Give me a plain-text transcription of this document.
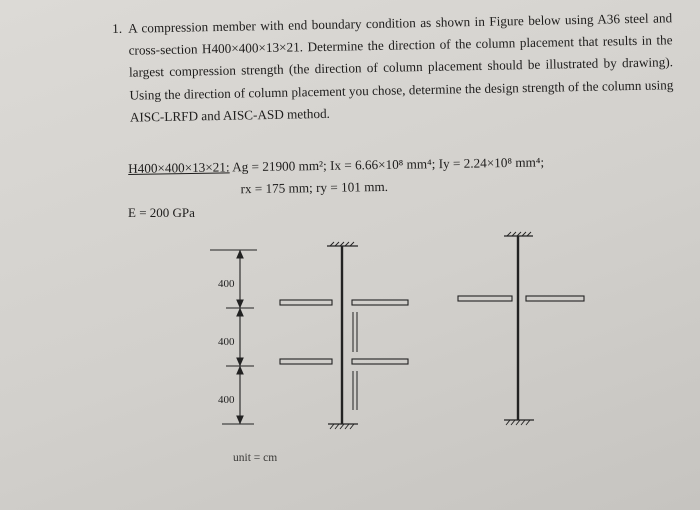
1. A compression member with end boundary condition as shown in Figure below using A36 steel and cross-section H400×400×13×21. Determine the direction of the column placement that results in the largest compression strength (the direction of column placement should be illustrated by drawing). Using the direction of column placement you chose, determine the design strength of the column using AISC-LRFD and AISC-ASD method.
H400×400×13×21: Ag = 21900 mm²; Ix = 6.66×10⁸ mm⁴; Iy = 2.24×10⁸ mm⁴;
rx = 175 mm; ry = 101 mm.
E = 200 GPa
400
400
400
unit = cm
